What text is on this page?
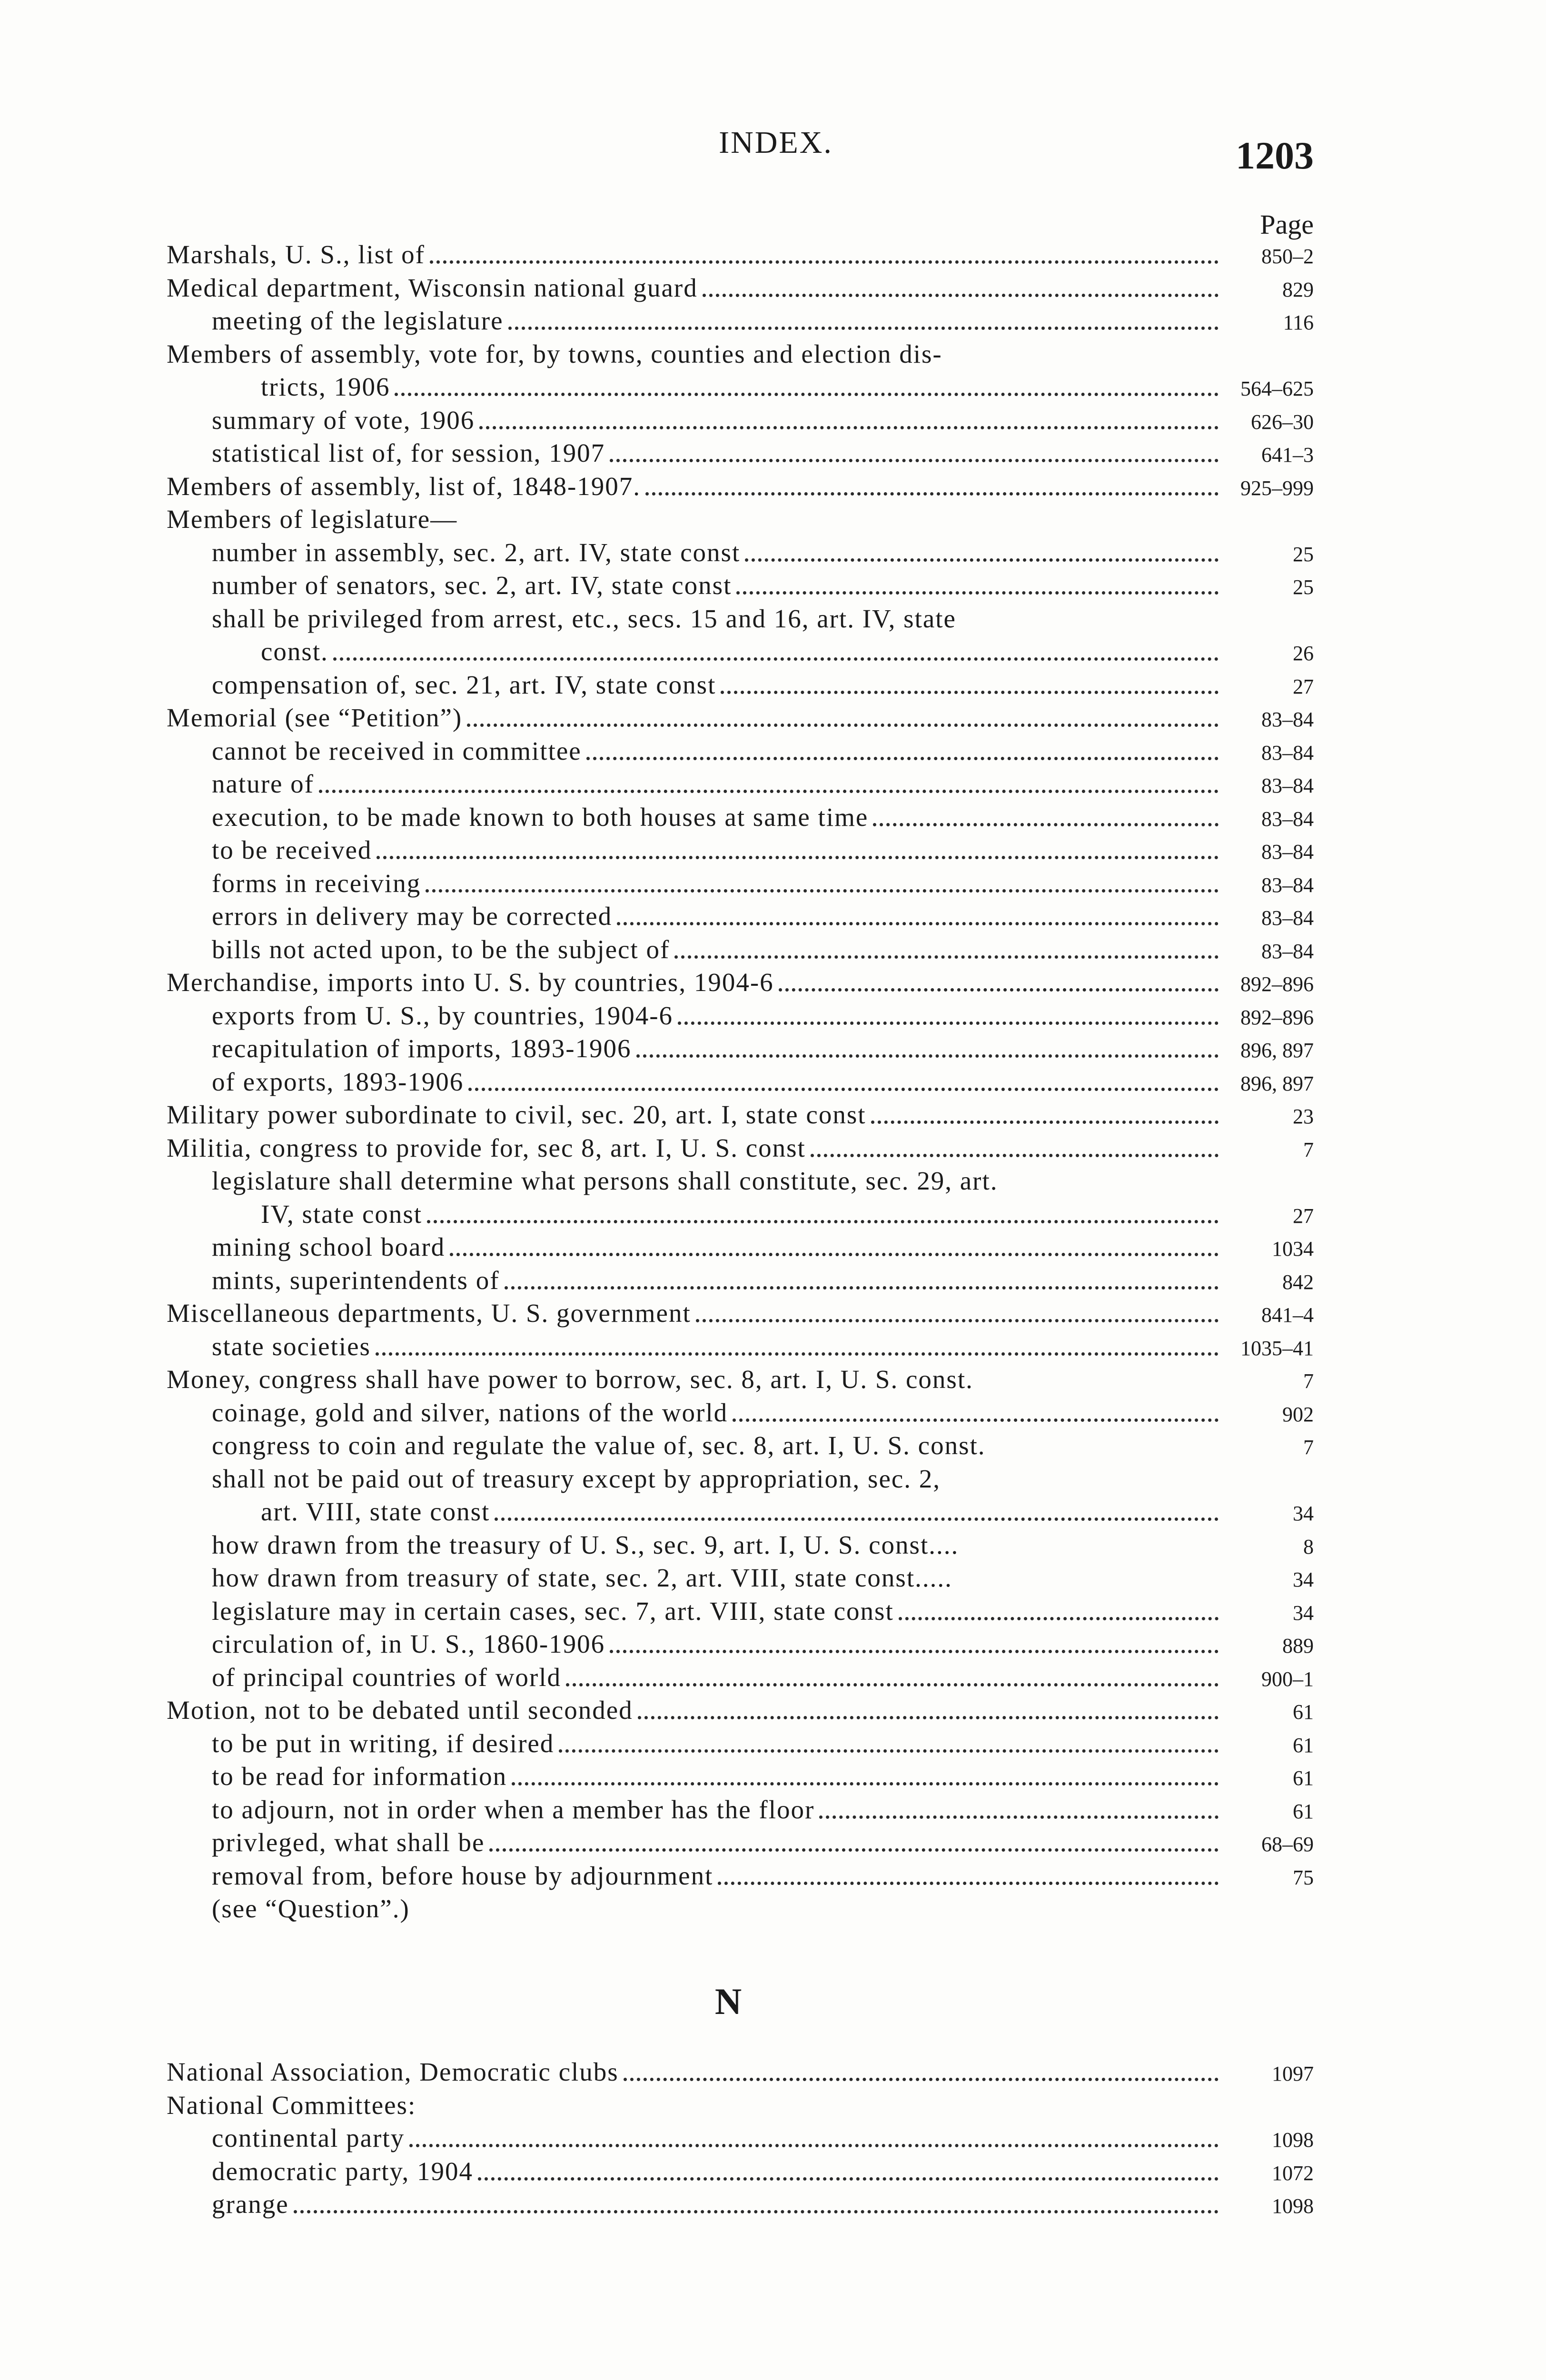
INDEX.	1203
Page
Marshals, U. S., list of	850–2
Medical department, Wisconsin national guard	829
meeting of the legislature	116
Members of assembly, vote for, by towns, counties and election dis-
tricts, 1906	564–625
summary of vote, 1906	626–30
statistical list of, for session, 1907	641–3
Members of assembly, list of, 1848-1907.	925–999
Members of legislature—
number in assembly, sec. 2, art. IV, state const	25
number of senators, sec. 2, art. IV, state const	25
shall be privileged from arrest, etc., secs. 15 and 16, art. IV, state
const.	26
compensation of, sec. 21, art. IV, state const	27
Memorial (see “Petition”)	83–84
cannot be received in committee	83–84
nature of	83–84
execution, to be made known to both houses at same time	83–84
to be received	83–84
forms in receiving	83–84
errors in delivery may be corrected	83–84
bills not acted upon, to be the subject of	83–84
Merchandise, imports into U. S. by countries, 1904-6	892–896
exports from U. S., by countries, 1904-6	892–896
recapitulation of imports, 1893-1906	896, 897
of exports, 1893-1906	896, 897
Military power subordinate to civil, sec. 20, art. I, state const	23
Militia, congress to provide for, sec 8, art. I, U. S. const	7
legislature shall determine what persons shall constitute, sec. 29, art.
IV, state const	27
mining school board	1034
mints, superintendents of	842
Miscellaneous departments, U. S. government	841–4
state societies	1035–41
Money, congress shall have power to borrow, sec. 8, art. I, U. S. const.	7
coinage, gold and silver, nations of the world	902
congress to coin and regulate the value of, sec. 8, art. I, U. S. const.	7
shall not be paid out of treasury except by appropriation, sec. 2,
art. VIII, state const	34
how drawn from the treasury of U. S., sec. 9, art. I, U. S. const....	8
how drawn from treasury of state, sec. 2, art. VIII, state const.....	34
legislature may in certain cases, sec. 7, art. VIII, state const	34
circulation of, in U. S., 1860-1906	889
of principal countries of world	900–1
Motion, not to be debated until seconded	61
to be put in writing, if desired	61
to be read for information	61
to adjourn, not in order when a member has the floor	61
privleged, what shall be	68–69
removal from, before house by adjournment	75
(see “Question”.)
N
National Association, Democratic clubs	1097
National Committees:
continental party	1098
democratic party, 1904	1072
grange	1098
